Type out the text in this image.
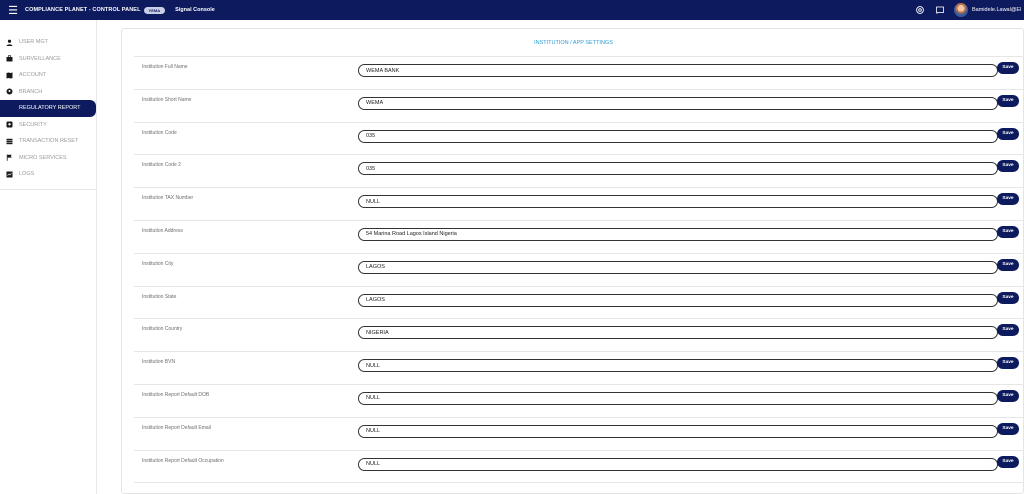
☰	COMPLIANCE PLANET - CONTROL PANEL	YEMA	Signal Console	Bamidele.Lawal@El
USER MGT
SURVEILLANCE
ACCOUNT
BRANCH
REGULATORY REPORT
SECURITY
TRANSACTION RESET
MICRO SERVICES
LOGS
INSTITUTION / APP SETTINGS
Institution Full Name
WEMA BANK	Save
Institution Short Name
WEMA	Save
Institution Code
035	Save
Institution Code 2
035	Save
Institution TAX Number
NULL	Save
Institution Address
54 Marina Road Lagos Island Nigeria	Save
Institution City
LAGOS	Save
Institution State
LAGOS	Save
Institution Country
NIGERIA	Save
Institution BVN
NULL	Save
Institution Report Default DOB
NULL	Save
Institution Report Default Email
NULL	Save
Institution Report Default Occupation
NULL	Save
